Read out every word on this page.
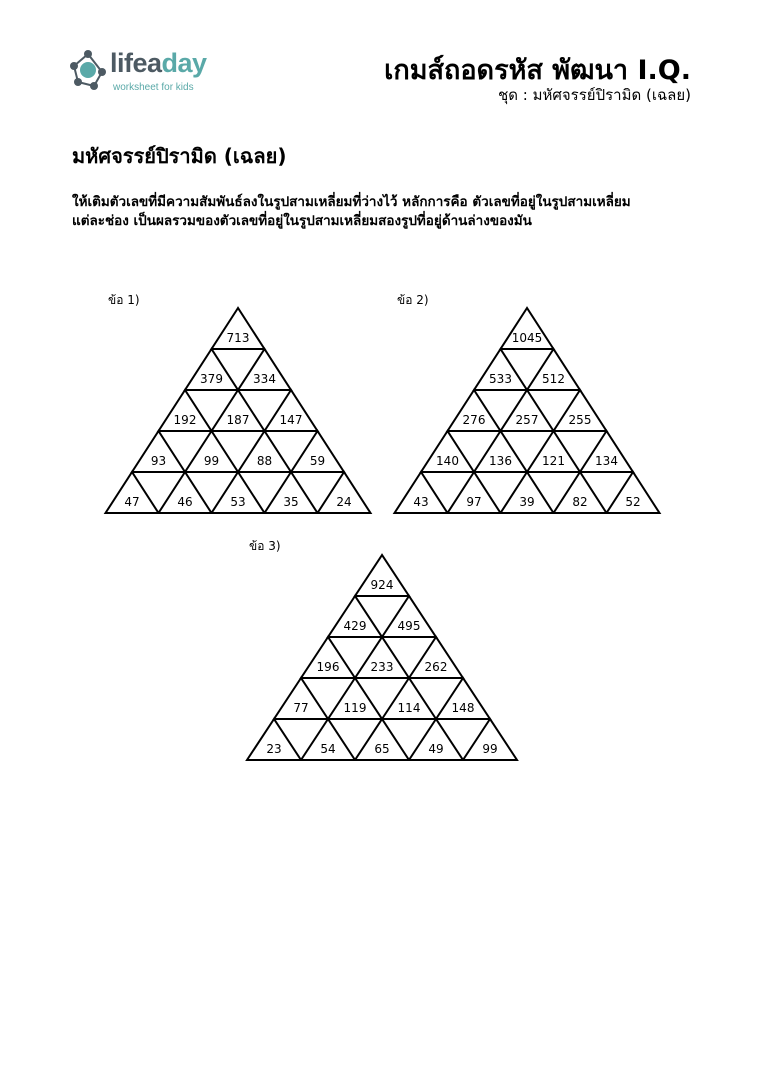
lifeaday
worksheet for kids
เกมส์ถอดรหัส พัฒนา I.Q.
ชุด : มหัศจรรย์ปิรามิด (เฉลย)
มหัศจรรย์ปิรามิด (เฉลย)
ให้เติมตัวเลขที่มีความสัมพันธ์ลงในรูปสามเหลี่ยมที่ว่างไว้ หลักการคือ ตัวเลขที่อยู่ในรูปสามเหลี่ยม
แต่ละช่อง เป็นผลรวมของตัวเลขที่อยู่ในรูปสามเหลี่ยมสองรูปที่อยู่ด้านล่างของมัน
ข้อ 1)	ข้อ 2)
ข้อ 3)
713
379	334
192	187	147
93	99	88	59
47	46	53	35	24
1045
533	512
276	257	255
140	136	121	134
43	97	39	82	52
924
429	495
196	233	262
77	119	114	148
23	54	65	49	99
